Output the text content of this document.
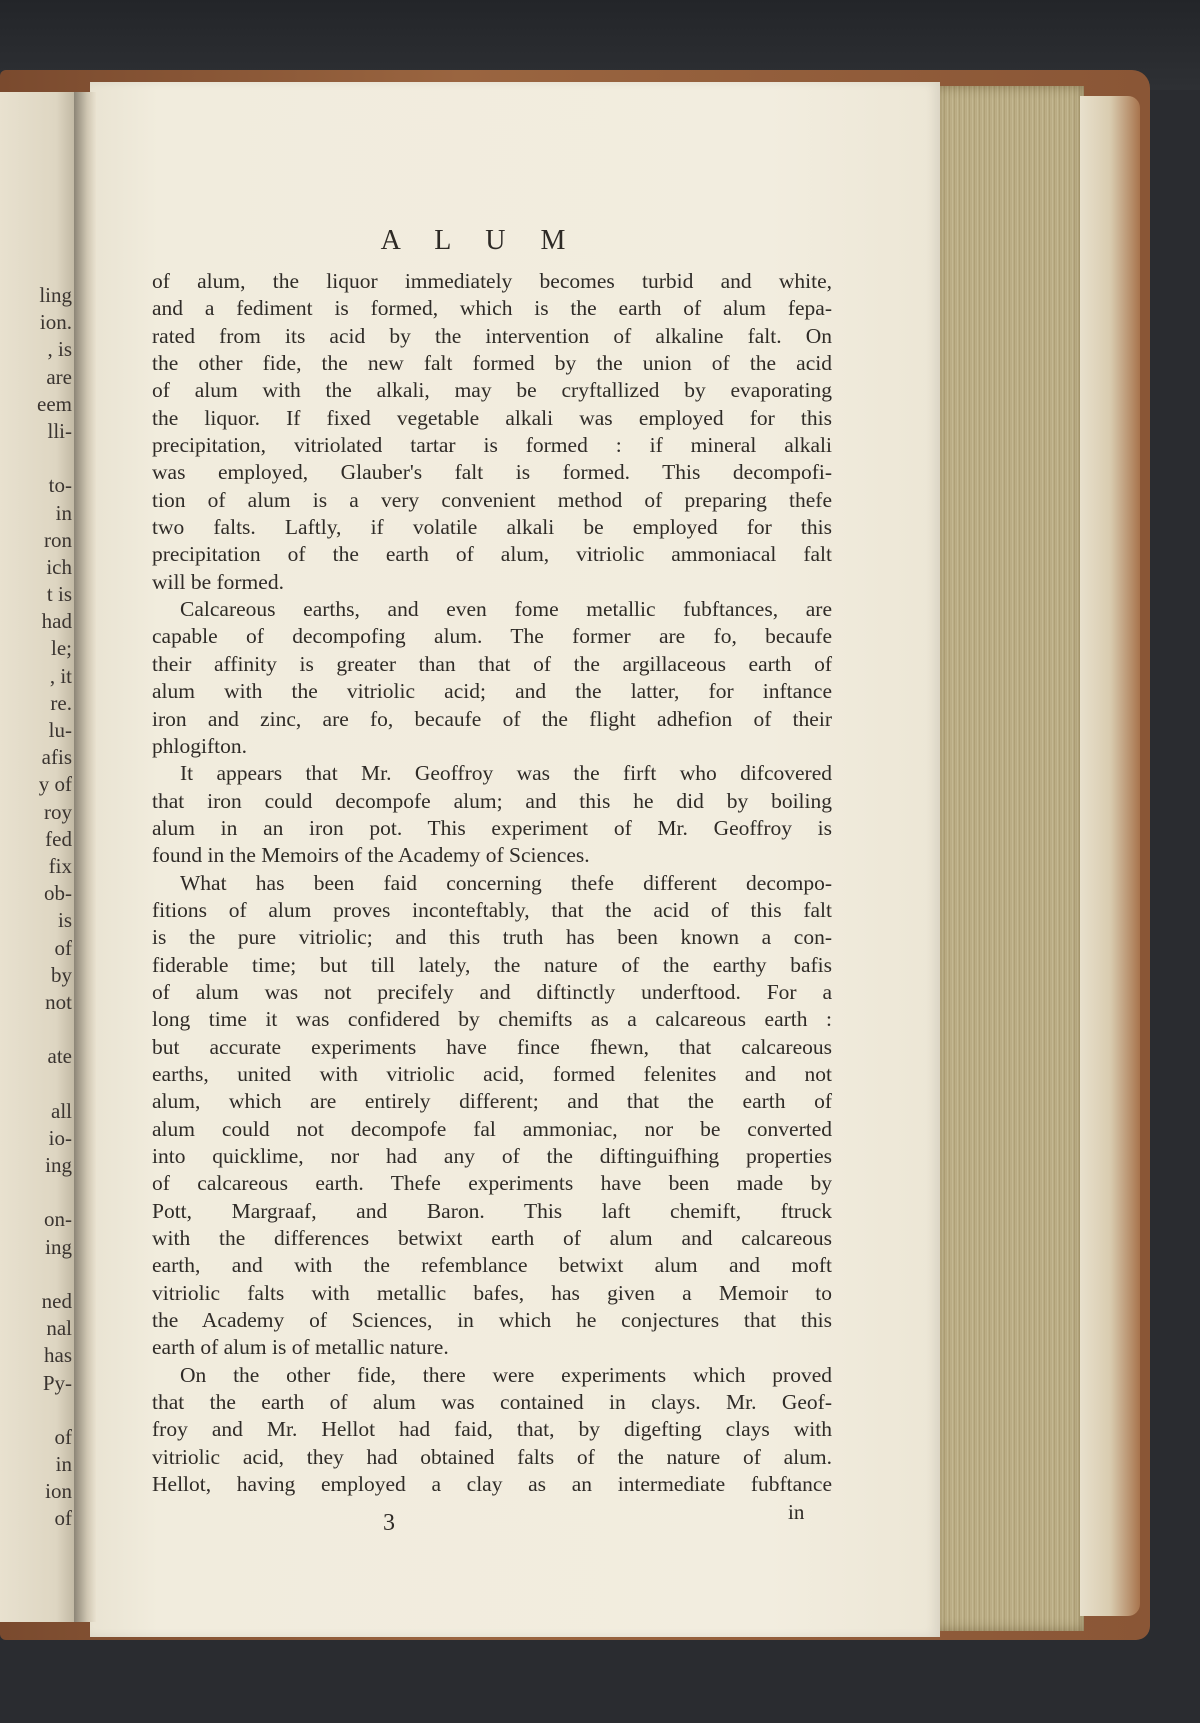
ling
ion.
, is
are
eem
lli-
to-
in
ron
ich
t is
had
le;
, it
re.
lu-
afis
y of
roy
fed
fix
ob-
is
of
by
not
ate
all
io-
ing
on-
ing
ned
nal
has
Py-
of
in
ion
of
A L U M
of alum, the liquor immediately becomes turbid and white,
and a fediment is formed, which is the earth of alum fepa-
rated from its acid by the intervention of alkaline falt. On
the other fide, the new falt formed by the union of the acid
of alum with the alkali, may be cryftallized by evaporating
the liquor. If fixed vegetable alkali was employed for this
precipitation, vitriolated tartar is formed : if mineral alkali
was employed, Glauber's falt is formed. This decompofi-
tion of alum is a very convenient method of preparing thefe
two falts. Laftly, if volatile alkali be employed for this
precipitation of the earth of alum, vitriolic ammoniacal falt
will be formed.
Calcareous earths, and even fome metallic fubftances, are
capable of decompofing alum. The former are fo, becaufe
their affinity is greater than that of the argillaceous earth of
alum with the vitriolic acid; and the latter, for inftance
iron and zinc, are fo, becaufe of the flight adhefion of their
phlogifton.
It appears that Mr. Geoffroy was the firft who difcovered
that iron could decompofe alum; and this he did by boiling
alum in an iron pot. This experiment of Mr. Geoffroy is
found in the Memoirs of the Academy of Sciences.
What has been faid concerning thefe different decompo-
fitions of alum proves inconteftably, that the acid of this falt
is the pure vitriolic; and this truth has been known a con-
fiderable time; but till lately, the nature of the earthy bafis
of alum was not precifely and diftinctly underftood. For a
long time it was confidered by chemifts as a calcareous earth :
but accurate experiments have fince fhewn, that calcareous
earths, united with vitriolic acid, formed felenites and not
alum, which are entirely different; and that the earth of
alum could not decompofe fal ammoniac, nor be converted
into quicklime, nor had any of the diftinguifhing properties
of calcareous earth. Thefe experiments have been made by
Pott, Margraaf, and Baron. This laft chemift, ftruck
with the differences betwixt earth of alum and calcareous
earth, and with the refemblance betwixt alum and moft
vitriolic falts with metallic bafes, has given a Memoir to
the Academy of Sciences, in which he conjectures that this
earth of alum is of metallic nature.
On the other fide, there were experiments which proved
that the earth of alum was contained in clays. Mr. Geof-
froy and Mr. Hellot had faid, that, by digefting clays with
vitriolic acid, they had obtained falts of the nature of alum.
Hellot, having employed a clay as an intermediate fubftance
3	in
